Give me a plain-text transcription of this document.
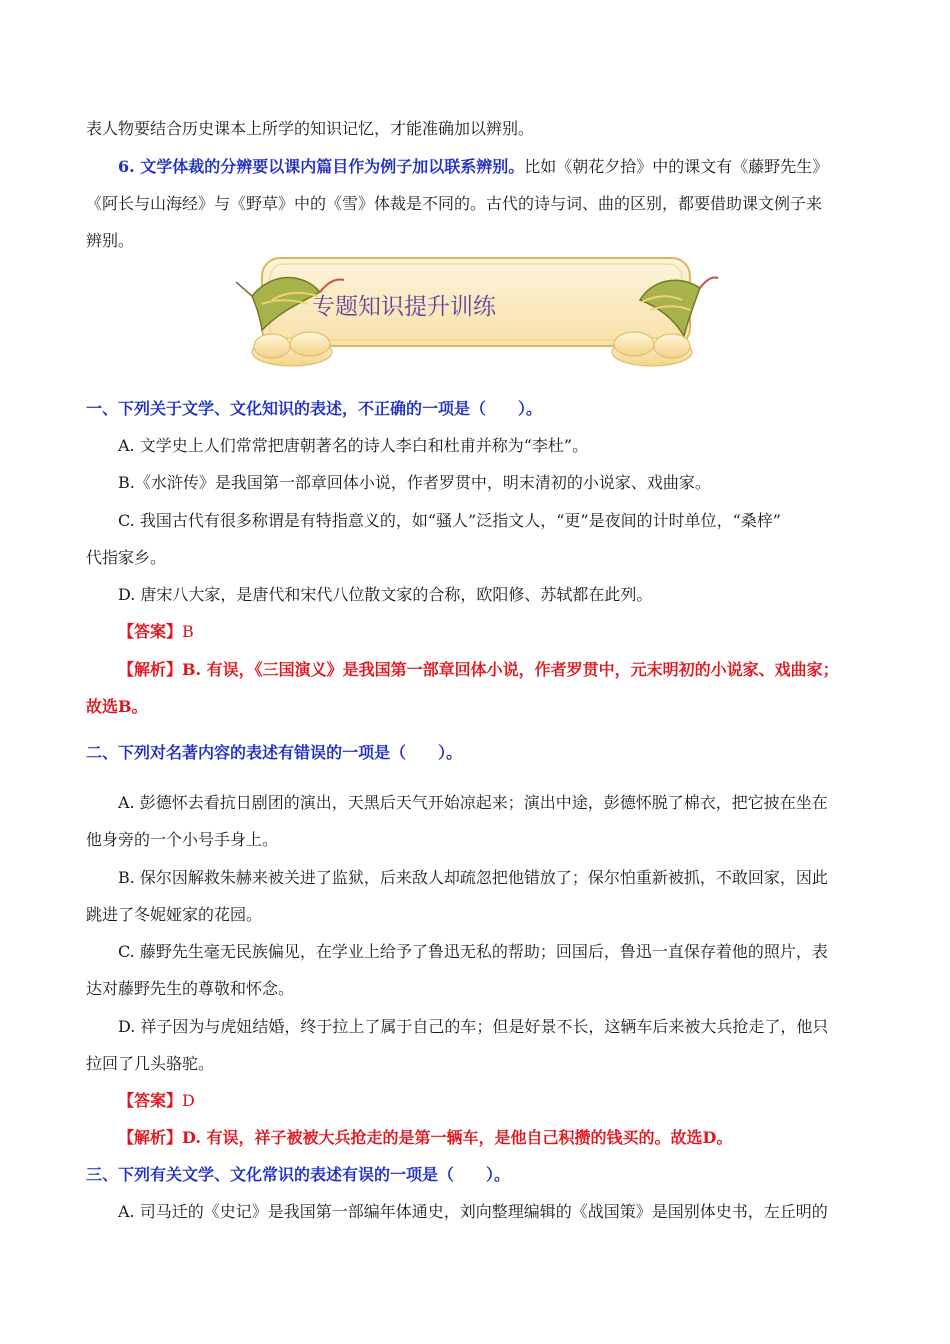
表人物要结合历史课本上所学的知识记忆，才能准确加以辨别。
6. 文学体裁的分辨要以课内篇目作为例子加以联系辨别。比如《朝花夕拾》中的课文有《藤野先生》
《阿长与山海经》与《野草》中的《雪》体裁是不同的。古代的诗与词、曲的区别，都要借助课文例子来
辨别。
专题知识提升训练
一、下列关于文学、文化知识的表述，不正确的一项是（　　）。
A. 文学史上人们常常把唐朝著名的诗人李白和杜甫并称为“李杜”。
B.《水浒传》是我国第一部章回体小说，作者罗贯中，明末清初的小说家、戏曲家。
C. 我国古代有很多称谓是有特指意义的，如“骚人”泛指文人，“更”是夜间的计时单位，“桑梓”
代指家乡。
D. 唐宋八大家，是唐代和宋代八位散文家的合称，欧阳修、苏轼都在此列。
【答案】B
【解析】B. 有误，《三国演义》是我国第一部章回体小说，作者罗贯中，元末明初的小说家、戏曲家；
故选B。
二、下列对名著内容的表述有错误的一项是（　　）。
A. 彭德怀去看抗日剧团的演出，天黑后天气开始凉起来；演出中途，彭德怀脱了棉衣，把它披在坐在
他身旁的一个小号手身上。
B. 保尔因解救朱赫来被关进了监狱，后来敌人却疏忽把他错放了；保尔怕重新被抓，不敢回家，因此
跳进了冬妮娅家的花园。
C. 藤野先生毫无民族偏见，在学业上给予了鲁迅无私的帮助；回国后，鲁迅一直保存着他的照片，表
达对藤野先生的尊敬和怀念。
D. 祥子因为与虎妞结婚，终于拉上了属于自己的车；但是好景不长，这辆车后来被大兵抢走了，他只
拉回了几头骆驼。
【答案】D
【解析】D. 有误，祥子被被大兵抢走的是第一辆车，是他自己积攒的钱买的。故选D。
三、下列有关文学、文化常识的表述有误的一项是（　　）。
A. 司马迁的《史记》是我国第一部编年体通史，刘向整理编辑的《战国策》是国别体史书，左丘明的
